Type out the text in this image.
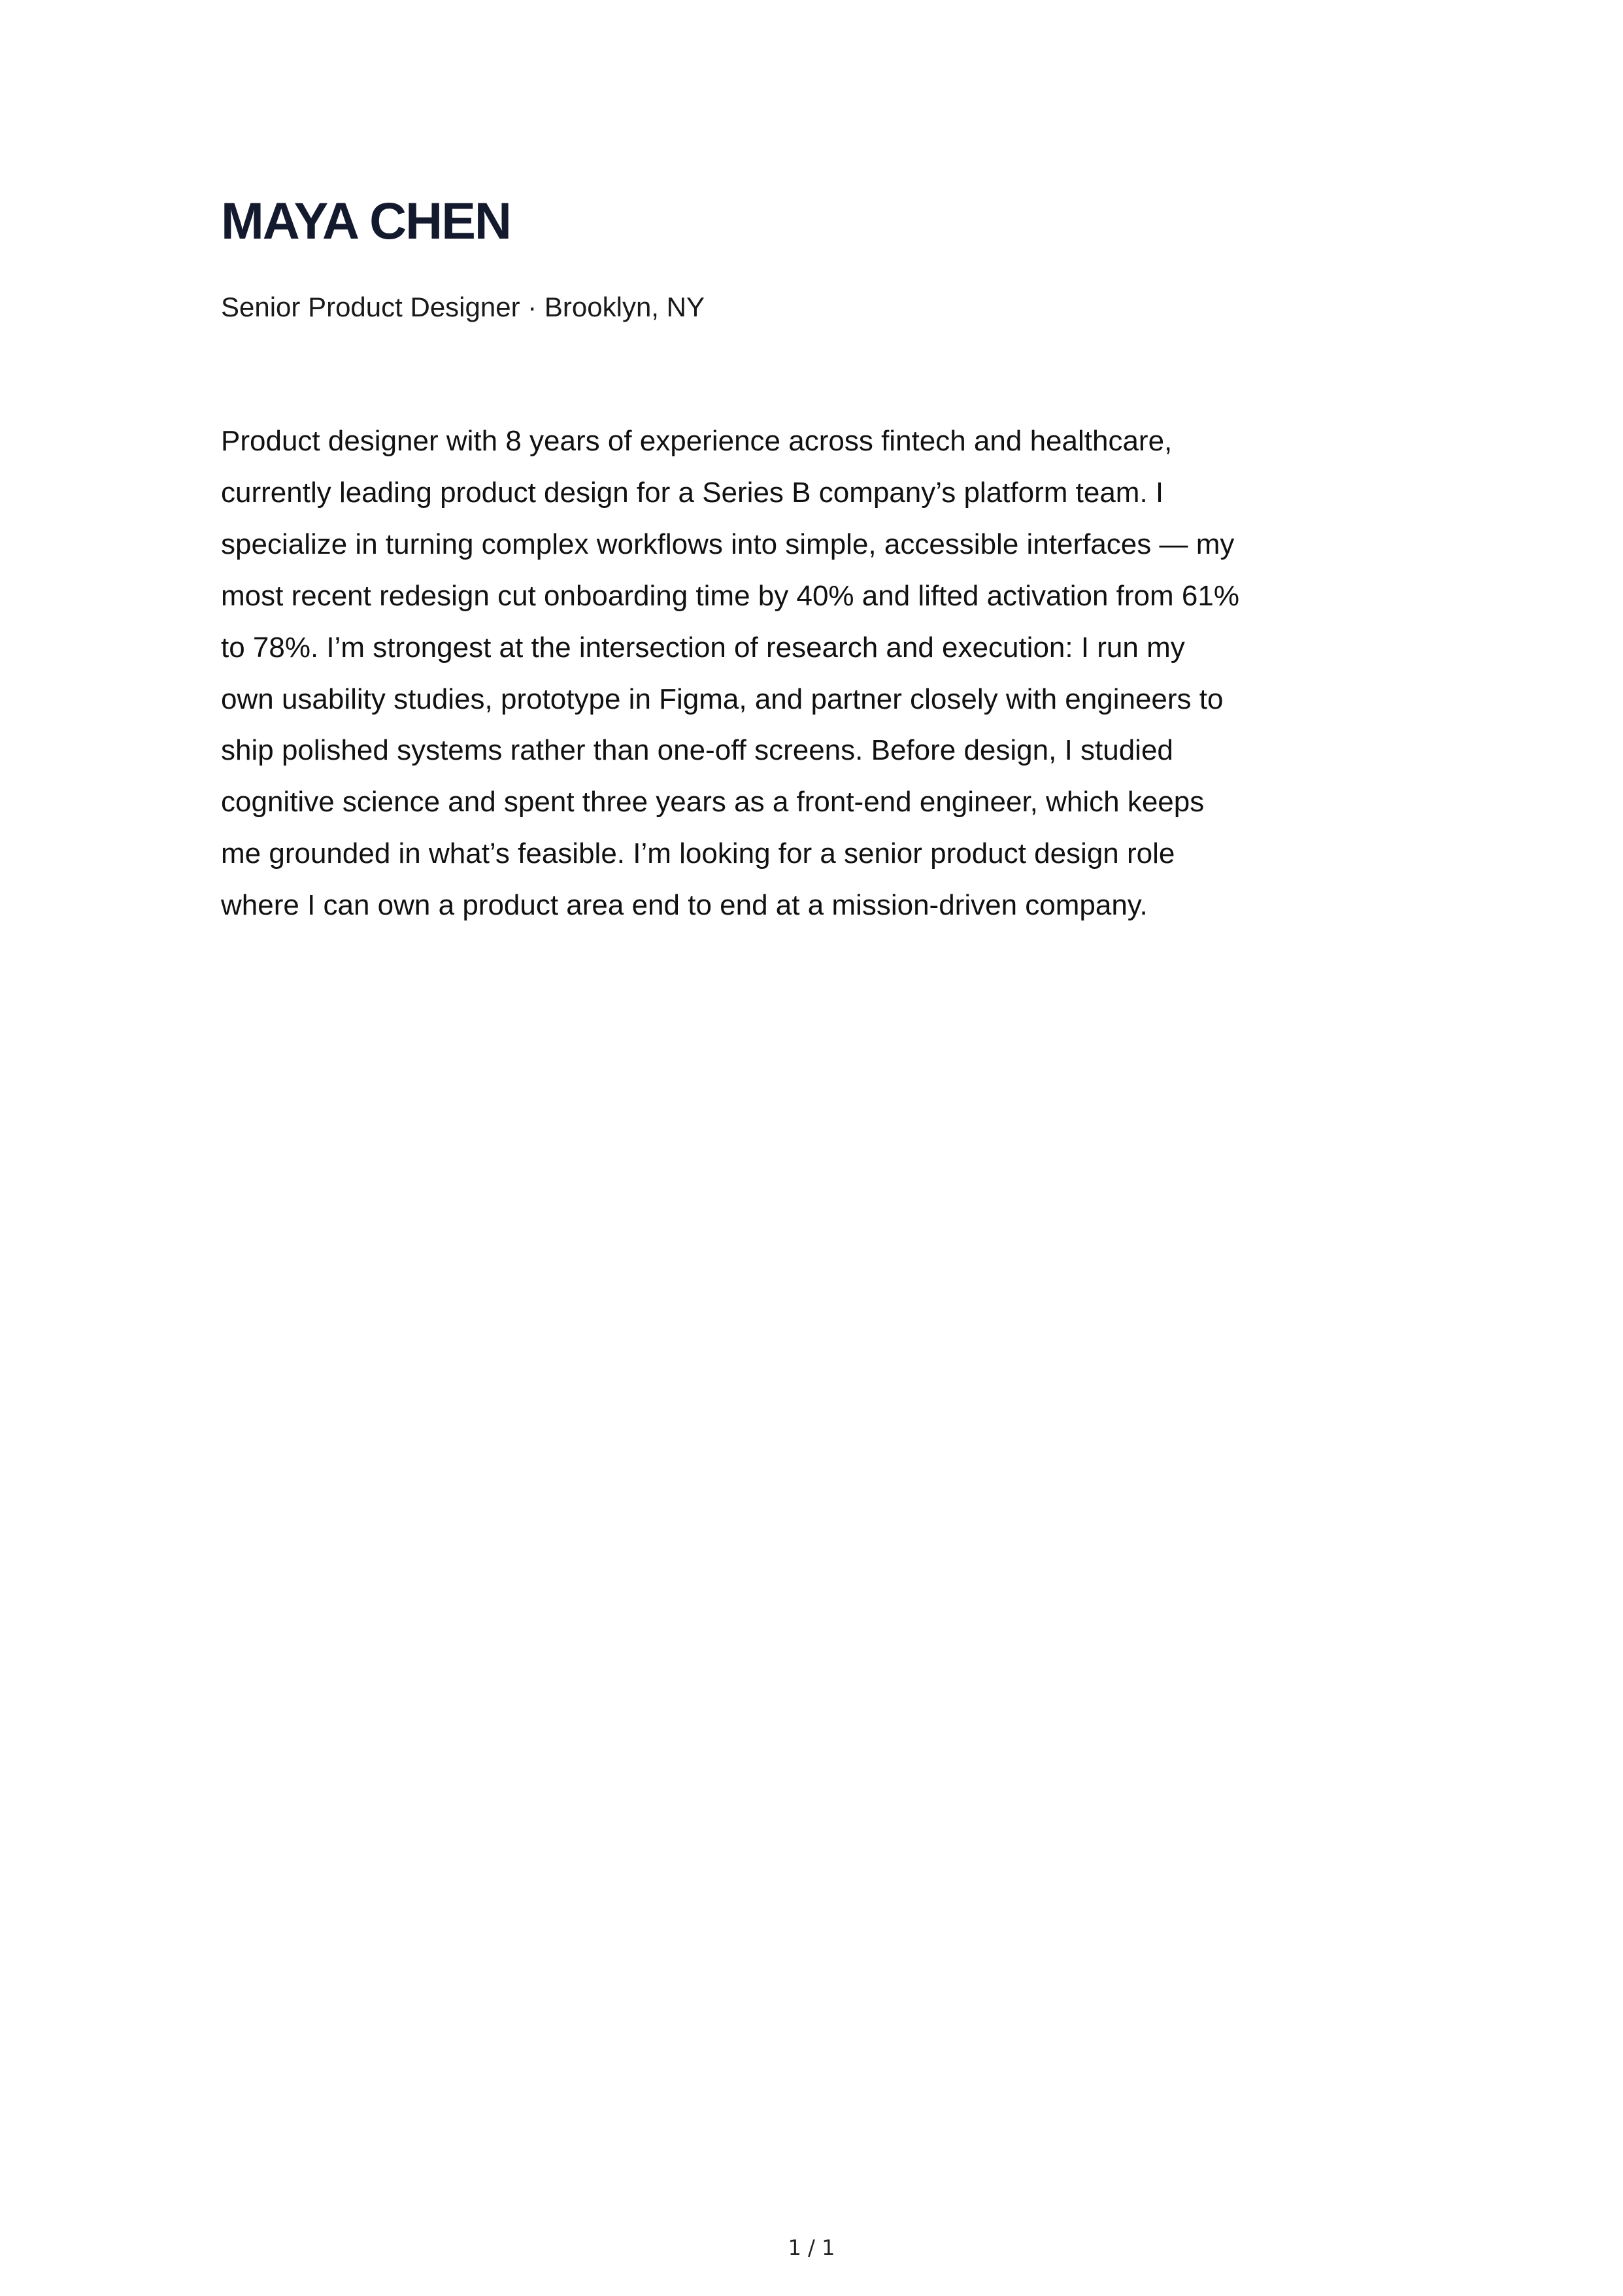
MAYA CHEN

Senior Product Designer · Brooklyn, NY

Product designer with 8 years of experience across fintech and healthcare,
currently leading product design for a Series B company’s platform team. I
specialize in turning complex workflows into simple, accessible interfaces — my
most recent redesign cut onboarding time by 40% and lifted activation from 61%
to 78%. I’m strongest at the intersection of research and execution: I run my
own usability studies, prototype in Figma, and partner closely with engineers to
ship polished systems rather than one-off screens. Before design, I studied
cognitive science and spent three years as a front-end engineer, which keeps
me grounded in what’s feasible. I’m looking for a senior product design role
where I can own a product area end to end at a mission-driven company.

1 / 1
